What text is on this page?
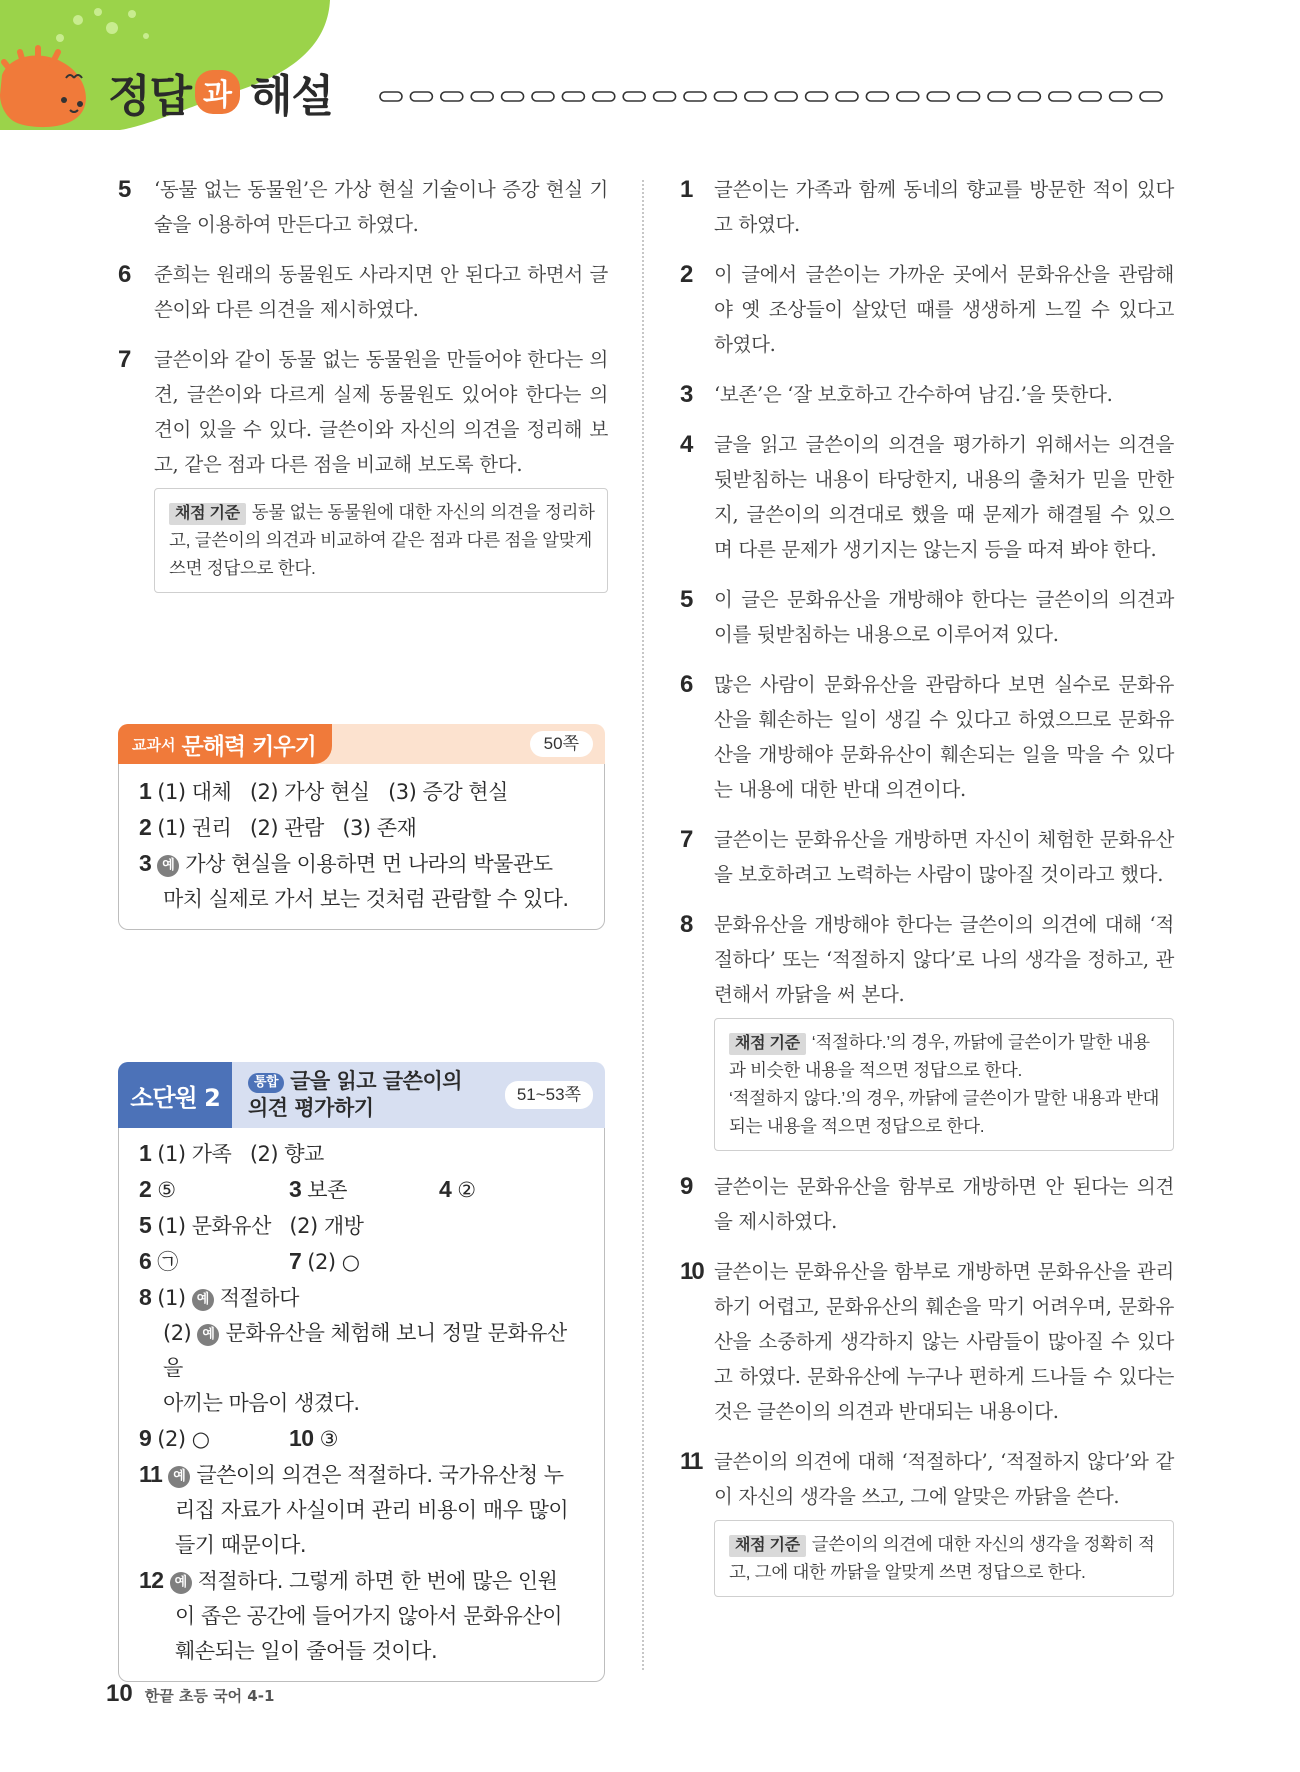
정답 과 해설
5	‘동물 없는 동물원’은 가상 현실 기술이나 증강 현실 기술을 이용하여 만든다고 하였다.
6	준희는 원래의 동물원도 사라지면 안 된다고 하면서 글쓴이와 다른 의견을 제시하였다.
7	글쓴이와 같이 동물 없는 동물원을 만들어야 한다는 의견, 글쓴이와 다르게 실제 동물원도 있어야 한다는 의견이 있을 수 있다. 글쓴이와 자신의 의견을 정리해 보고, 같은 점과 다른 점을 비교해 보도록 한다.
채점 기준 동물 없는 동물원에 대한 자신의 의견을 정리하고, 글쓴이의 의견과 비교하여 같은 점과 다른 점을 알맞게 쓰면 정답으로 한다.
교과서 문해력 키우기	50쪽
1 (1) 대체 (2) 가상 현실 (3) 증강 현실
2 (1) 권리 (2) 관람 (3) 존재
3 예 가상 현실을 이용하면 먼 나라의 박물관도
마치 실제로 가서 보는 것처럼 관람할 수 있다.
소단원 2
통합 글을 읽고 글쓴이의
의견 평가하기
51~53쪽
1 (1) 가족 (2) 향교
2 ⑤	3 보존	4 ②
5 (1) 문화유산 (2) 개방
6 ㉠	7 (2) ○
8 (1) 예 적절하다
(2) 예 문화유산을 체험해 보니 정말 문화유산을
아끼는 마음이 생겼다.
9 (2) ○	10 ③
11 예 글쓴이의 의견은 적절하다. 국가유산청 누
리집 자료가 사실이며 관리 비용이 매우 많이
들기 때문이다.
12 예 적절하다. 그렇게 하면 한 번에 많은 인원
이 좁은 공간에 들어가지 않아서 문화유산이
훼손되는 일이 줄어들 것이다.
1	글쓴이는 가족과 함께 동네의 향교를 방문한 적이 있다고 하였다.
2	이 글에서 글쓴이는 가까운 곳에서 문화유산을 관람해야 옛 조상들이 살았던 때를 생생하게 느낄 수 있다고 하였다.
3	‘보존’은 ‘잘 보호하고 간수하여 남김.’을 뜻한다.
4	글을 읽고 글쓴이의 의견을 평가하기 위해서는 의견을 뒷받침하는 내용이 타당한지, 내용의 출처가 믿을 만한지, 글쓴이의 의견대로 했을 때 문제가 해결될 수 있으며 다른 문제가 생기지는 않는지 등을 따져 봐야 한다.
5	이 글은 문화유산을 개방해야 한다는 글쓴이의 의견과 이를 뒷받침하는 내용으로 이루어져 있다.
6	많은 사람이 문화유산을 관람하다 보면 실수로 문화유산을 훼손하는 일이 생길 수 있다고 하였으므로 문화유산을 개방해야 문화유산이 훼손되는 일을 막을 수 있다는 내용에 대한 반대 의견이다.
7	글쓴이는 문화유산을 개방하면 자신이 체험한 문화유산을 보호하려고 노력하는 사람이 많아질 것이라고 했다.
8	문화유산을 개방해야 한다는 글쓴이의 의견에 대해 ‘적절하다’ 또는 ‘적절하지 않다’로 나의 생각을 정하고, 관련해서 까닭을 써 본다.
채점 기준 ‘적절하다.’의 경우, 까닭에 글쓴이가 말한 내용과 비슷한 내용을 적으면 정답으로 한다.
‘적절하지 않다.’의 경우, 까닭에 글쓴이가 말한 내용과 반대되는 내용을 적으면 정답으로 한다.
9	글쓴이는 문화유산을 함부로 개방하면 안 된다는 의견을 제시하였다.
10 글쓴이는 문화유산을 함부로 개방하면 문화유산을 관리하기 어렵고, 문화유산의 훼손을 막기 어려우며, 문화유산을 소중하게 생각하지 않는 사람들이 많아질 수 있다고 하였다. 문화유산에 누구나 편하게 드나들 수 있다는 것은 글쓴이의 의견과 반대되는 내용이다.
11 글쓴이의 의견에 대해 ‘적절하다’, ‘적절하지 않다’와 같이 자신의 생각을 쓰고, 그에 알맞은 까닭을 쓴다.
채점 기준 글쓴이의 의견에 대한 자신의 생각을 정확히 적고, 그에 대한 까닭을 알맞게 쓰면 정답으로 한다.
10 한끝 초등 국어 4-1
